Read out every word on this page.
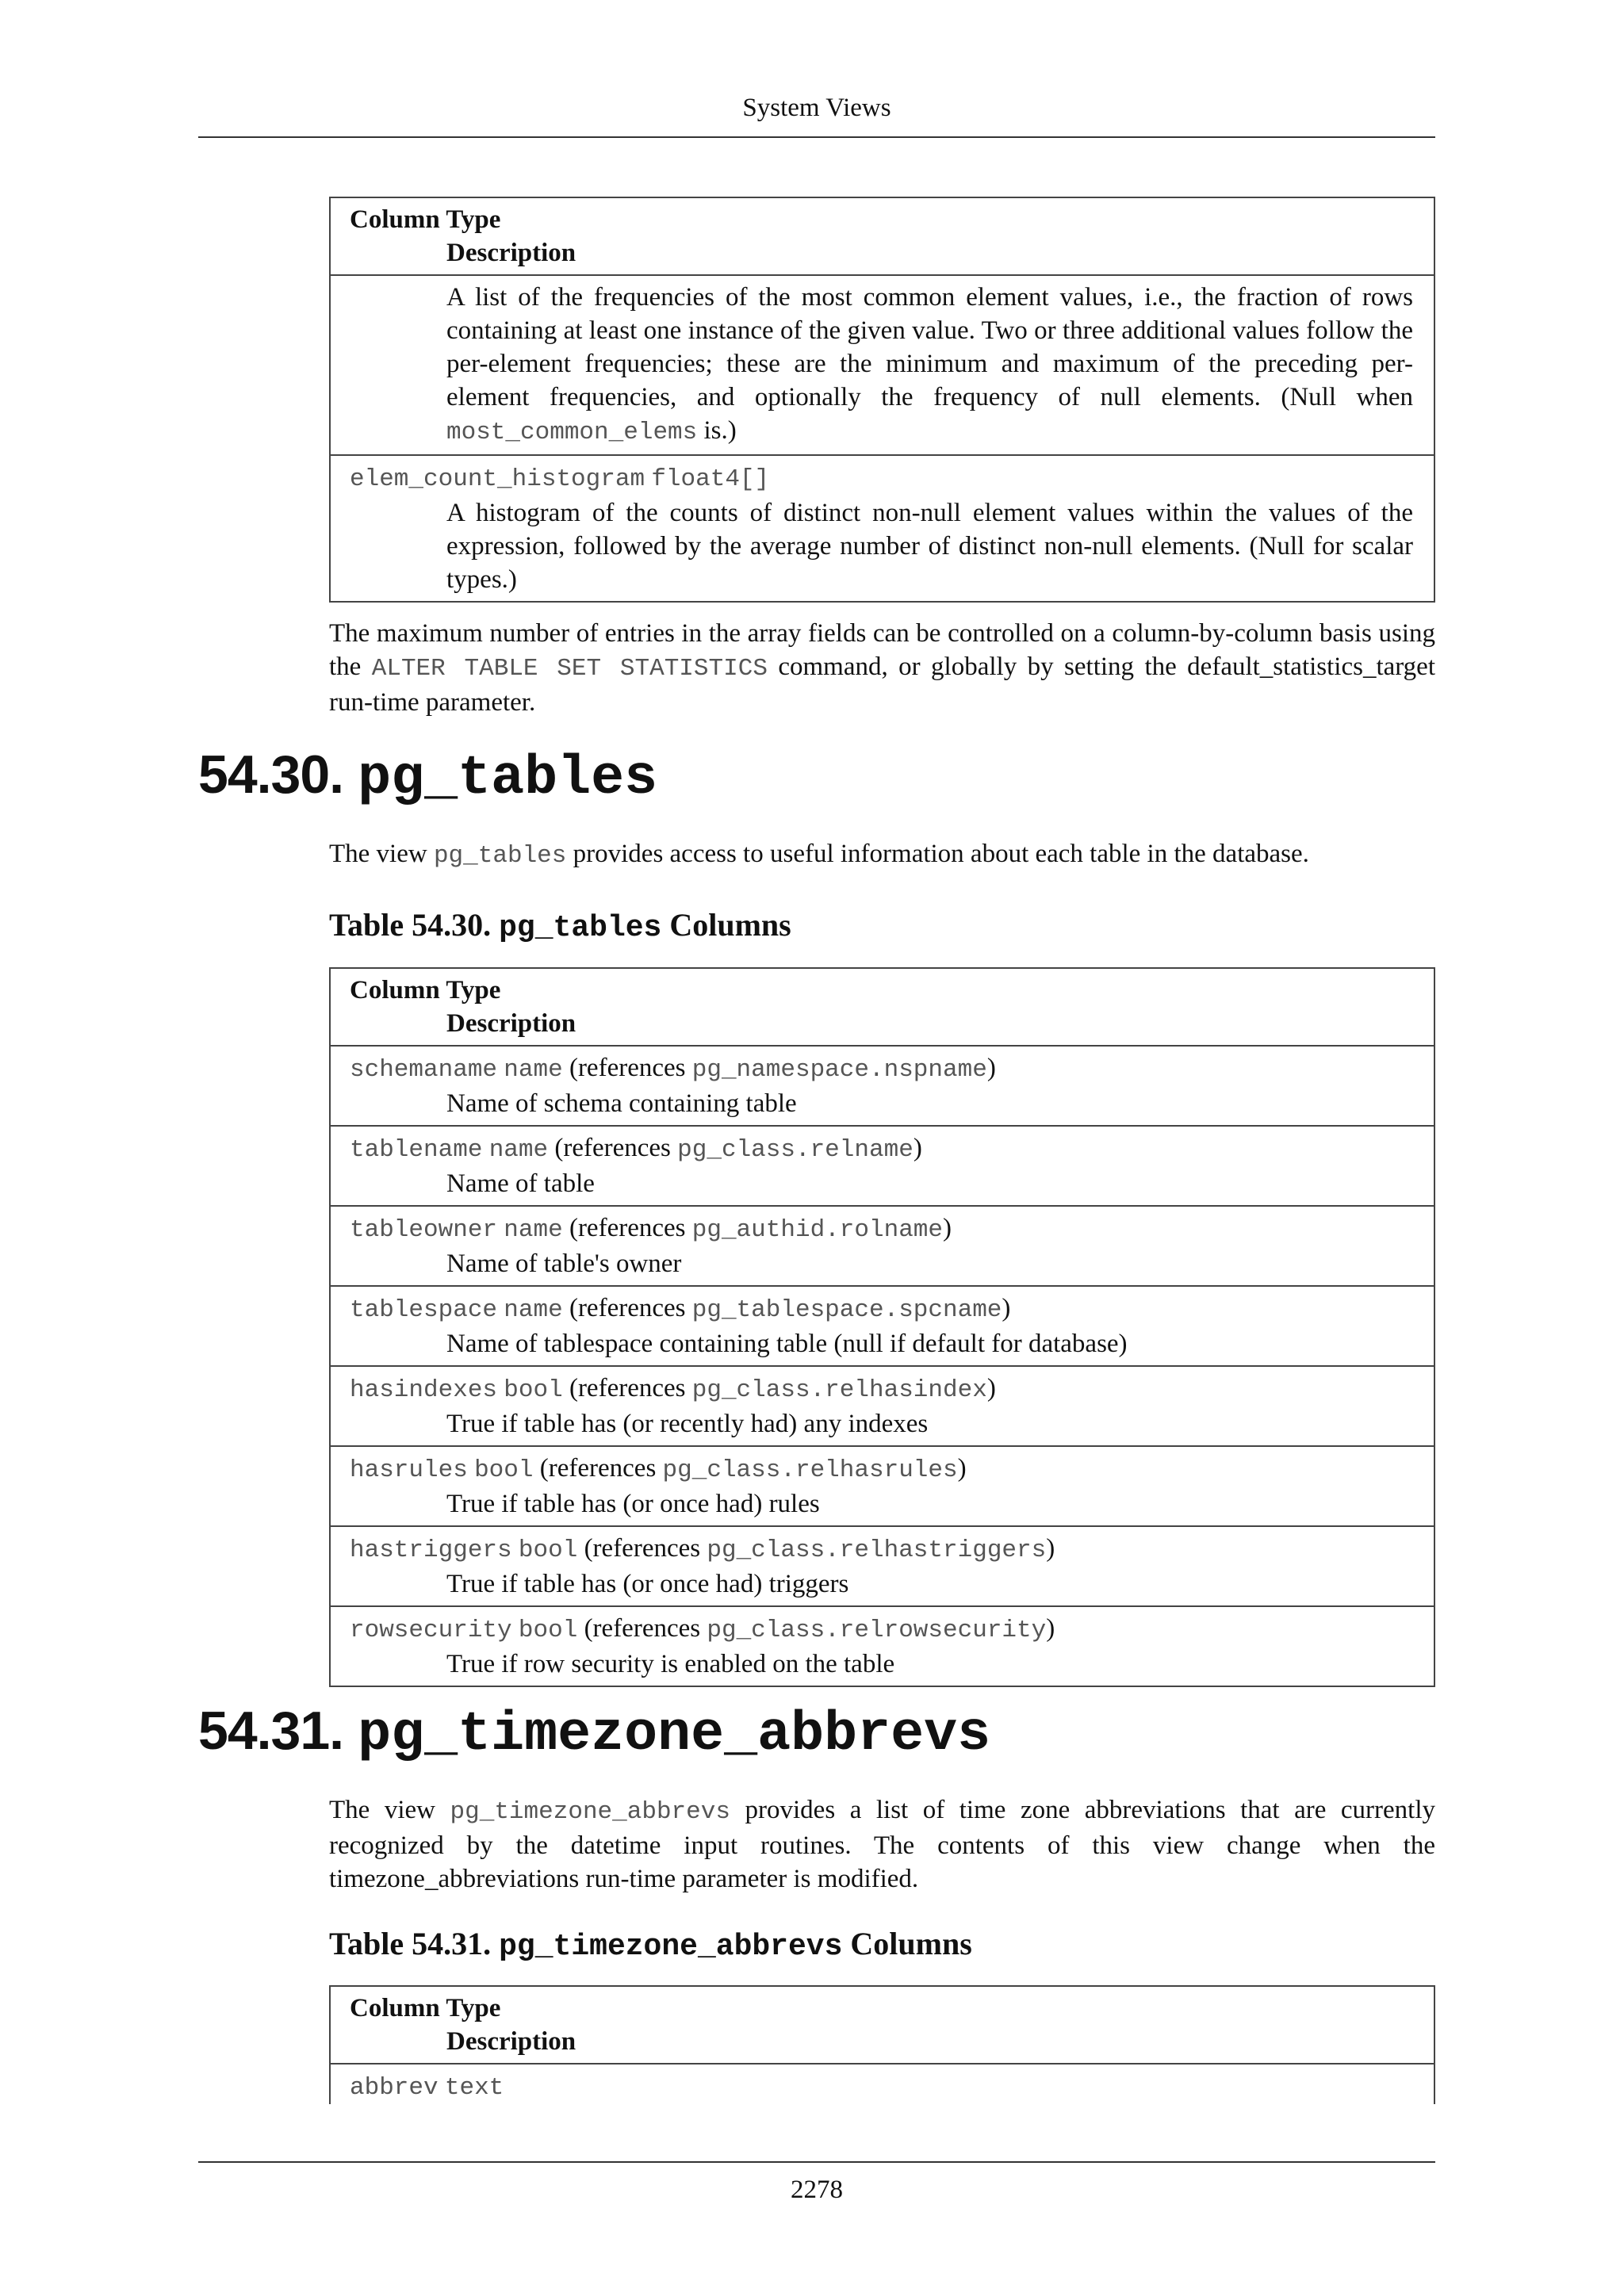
System Views
Column Type
Description

A list of the frequencies of the most common element values, i.e., the fraction of rows containing at least one instance of the given value. Two or three additional values follow the per-element frequencies; these are the minimum and maximum of the preceding per-element frequencies, and optionally the frequency of null elements. (Null when most_common_elems is.)

elem_count_histogram float4[]
A histogram of the counts of distinct non-null element values within the values of the expression, followed by the average number of distinct non-null elements. (Null for scalar types.)

The maximum number of entries in the array fields can be controlled on a column-by-column basis using the ALTER TABLE SET STATISTICS command, or globally by setting the default_statistics_target run-time parameter.

54.30. pg_tables

The view pg_tables provides access to useful information about each table in the database.

Table 54.30. pg_tables Columns
Column Type
Description

schemaname name (references pg_namespace.nspname)
Name of schema containing table

tablename name (references pg_class.relname)
Name of table

tableowner name (references pg_authid.rolname)
Name of table's owner

tablespace name (references pg_tablespace.spcname)
Name of tablespace containing table (null if default for database)

hasindexes bool (references pg_class.relhasindex)
True if table has (or recently had) any indexes

hasrules bool (references pg_class.relhasrules)
True if table has (or once had) rules

hastriggers bool (references pg_class.relhastriggers)
True if table has (or once had) triggers

rowsecurity bool (references pg_class.relrowsecurity)
True if row security is enabled on the table
54.31. pg_timezone_abbrevs

The view pg_timezone_abbrevs provides a list of time zone abbreviations that are currently recognized by the datetime input routines. The contents of this view change when the timezone_abbreviations run-time parameter is modified.

Table 54.31. pg_timezone_abbrevs Columns
Column Type
Description

abbrev text
2278
